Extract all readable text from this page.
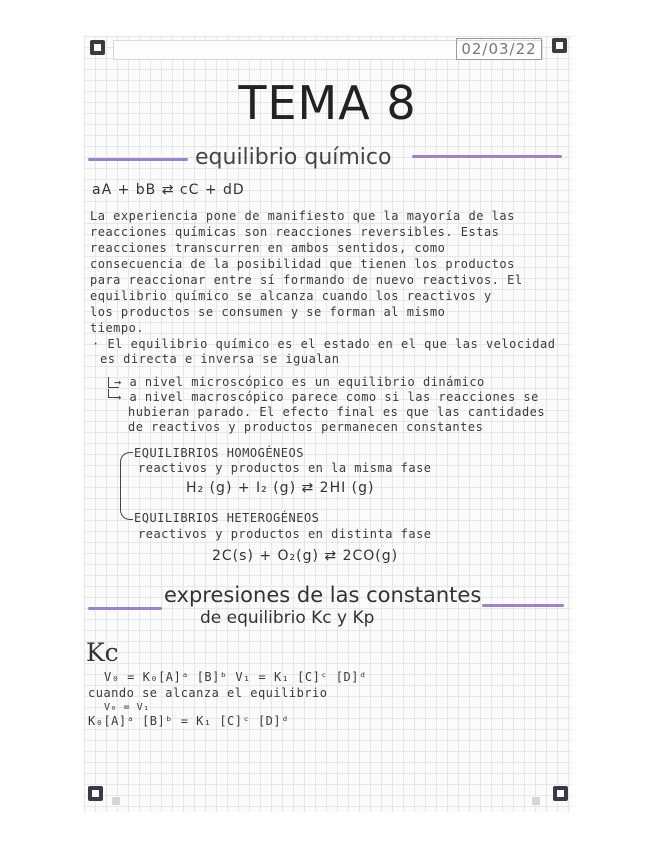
02/03/22
TEMA 8
equilibrio químico
aA + bB ⇄ cC + dD
La experiencia pone de manifiesto que la mayoría de las
reacciones químicas son reacciones reversibles. Estas
reacciones transcurren en ambos sentidos, como
consecuencia de la posibilidad que tienen los productos
para reaccionar entre sí formando de nuevo reactivos. El
equilibrio químico se alcanza cuando los reactivos y
los productos se consumen y se forman al mismo
tiempo.
· El equilibrio químico es el estado en el que las velocidad
es directa e inversa se igualan
→ a nivel microscópico es un equilibrio dinámico
→ a nivel macroscópico parece como si las reacciones se
hubieran parado. El efecto final es que las cantidades
de reactivos y productos permanecen constantes
EQUILIBRIOS HOMOGÉNEOS
reactivos y productos en la misma fase
H₂ (g) + I₂ (g) ⇄ 2HI (g)
EQUILIBRIOS HETEROGÉNEOS
reactivos y productos en distinta fase
2C(s) + O₂(g) ⇄ 2CO(g)
expresiones de las constantes
de equilibrio Kc y Kp
Kc
V₀ = K₀[A]ᵃ [B]ᵇ V₁ = K₁ [C]ᶜ [D]ᵈ
cuando se alcanza el equilibrio
V₀ = V₁
K₀[A]ᵃ [B]ᵇ = K₁ [C]ᶜ [D]ᵈ
